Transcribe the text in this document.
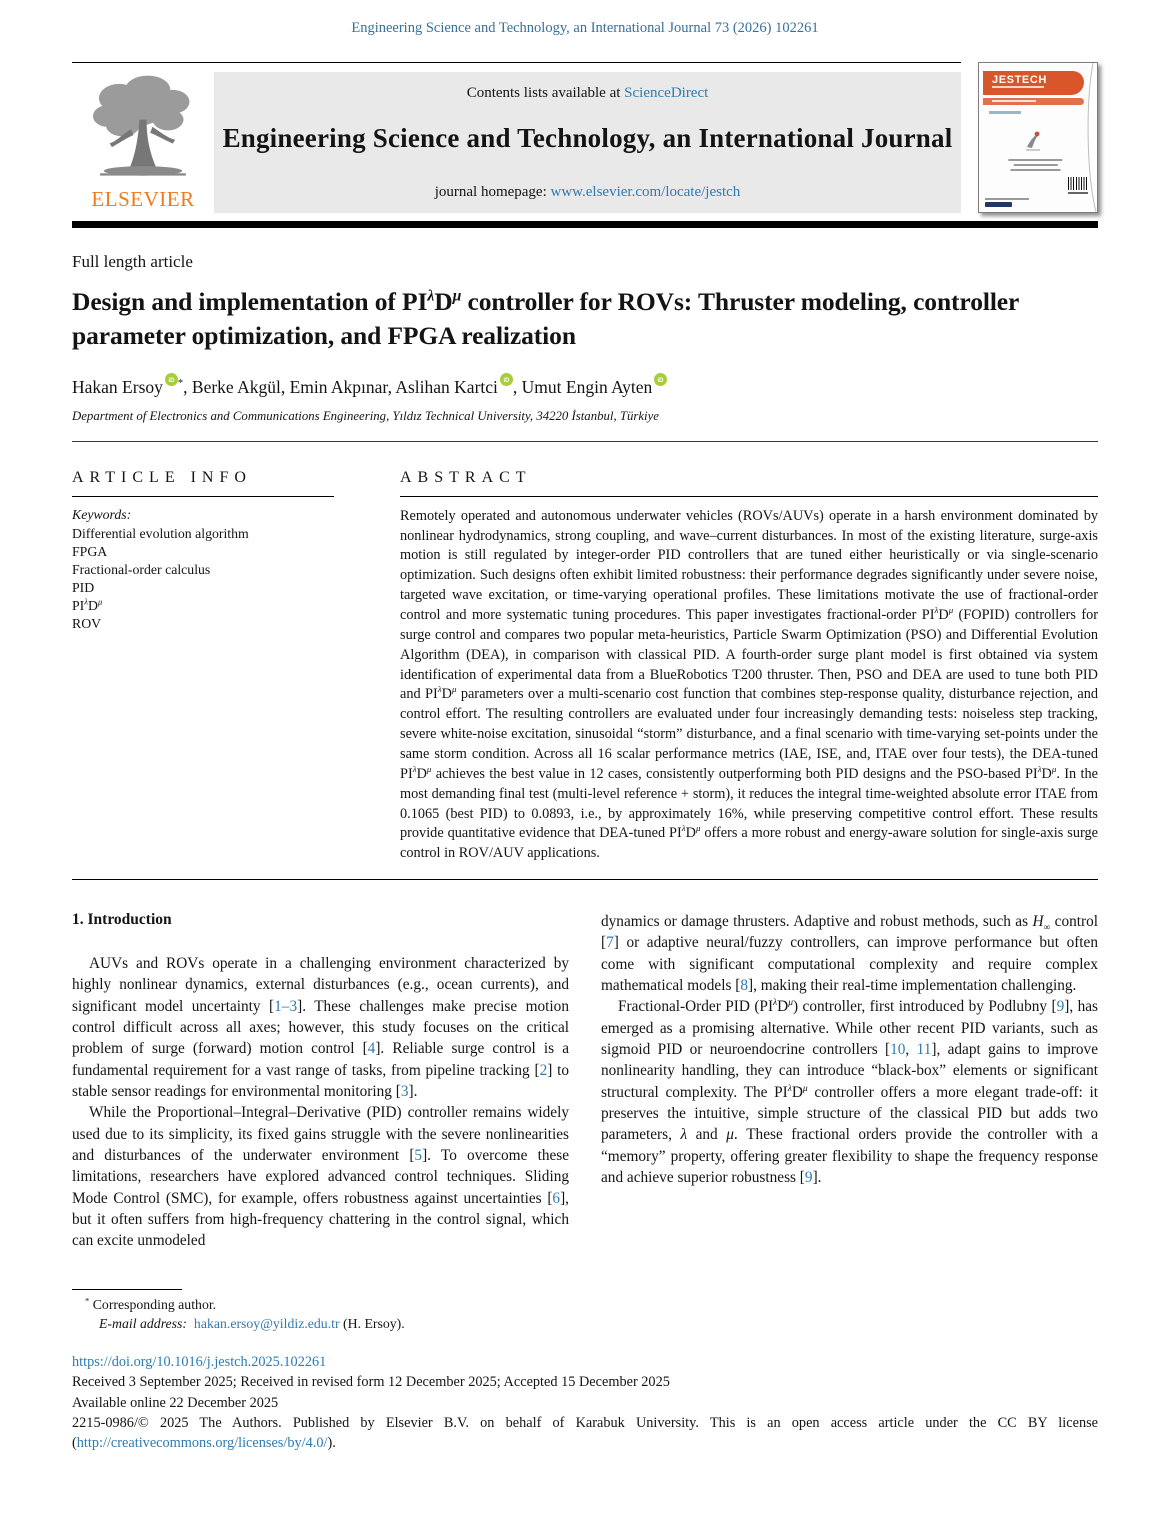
Engineering Science and Technology, an International Journal 73 (2026) 102261
ELSEVIER
Contents lists available at ScienceDirect
Engineering Science and Technology, an International Journal
journal homepage: www.elsevier.com/locate/jestch
JESTECH
Full length article
Design and implementation of $PI^\lambda D^\mu$ controller for ROVs: Thruster modeling, controller parameter optimization, and FPGA realization
Hakan Ersoy iD *, Berke Akgül, Emin Akpınar, Aslihan Kartci iD , Umut Engin Ayten iD
Department of Electronics and Communications Engineering, Yıldız Technical University, 34220 İstanbul, Türkiye
ARTICLE INFO
Keywords:
Differential evolution algorithm
FPGA
Fractional-order calculus
PID
$PI^\lambda D^\mu$
ROV
ABSTRACT
Remotely operated and autonomous underwater vehicles (ROVs/AUVs) operate in a harsh environment dominated by nonlinear hydrodynamics, strong coupling, and wave–current disturbances. In most of the existing literature, surge-axis motion is still regulated by integer-order PID controllers that are tuned either heuristically or via single-scenario optimization. Such designs often exhibit limited robustness: their performance degrades significantly under severe noise, targeted wave excitation, or time-varying operational profiles. These limitations motivate the use of fractional-order control and more systematic tuning procedures. This paper investigates fractional-order $PI^\lambda D^\mu$ (FOPID) controllers for surge control and compares two popular meta-heuristics, Particle Swarm Optimization (PSO) and Differential Evolution Algorithm (DEA), in comparison with classical PID. A fourth-order surge plant model is first obtained via system identification of experimental data from a BlueRobotics T200 thruster. Then, PSO and DEA are used to tune both PID and $PI^\lambda D^\mu$ parameters over a multi-scenario cost function that combines step-response quality, disturbance rejection, and control effort. The resulting controllers are evaluated under four increasingly demanding tests: noiseless step tracking, severe white-noise excitation, sinusoidal “storm” disturbance, and a final scenario with time-varying set-points under the same storm condition. Across all 16 scalar performance metrics (IAE, ISE, and, ITAE over four tests), the DEA-tuned $PI^\lambda D^\mu$ achieves the best value in 12 cases, consistently outperforming both PID designs and the PSO-based $PI^\lambda D^\mu$. In the most demanding final test (multi-level reference + storm), it reduces the integral time-weighted absolute error ITAE from 0.1065 (best PID) to 0.0893, i.e., by approximately 16%, while preserving competitive control effort. These results provide quantitative evidence that DEA-tuned $PI^\lambda D^\mu$ offers a more robust and energy-aware solution for single-axis surge control in ROV/AUV applications.
1. Introduction

AUVs and ROVs operate in a challenging environment characterized by highly nonlinear dynamics, external disturbances (e.g., ocean currents), and significant model uncertainty [1–3]. These challenges make precise motion control difficult across all axes; however, this study focuses on the critical problem of surge (forward) motion control [4]. Reliable surge control is a fundamental requirement for a vast range of tasks, from pipeline tracking [2] to stable sensor readings for environmental monitoring [3].

While the Proportional–Integral–Derivative (PID) controller remains widely used due to its simplicity, its fixed gains struggle with the severe nonlinearities and disturbances of the underwater environment [5]. To overcome these limitations, researchers have explored advanced control techniques. Sliding Mode Control (SMC), for example, offers robustness against uncertainties [6], but it often suffers from high-frequency chattering in the control signal, which can excite unmodeled

dynamics or damage thrusters. Adaptive and robust methods, such as $H_\infty$ control [7] or adaptive neural/fuzzy controllers, can improve performance but often come with significant computational complexity and require complex mathematical models [8], making their real-time implementation challenging.

Fractional-Order PID $(PI^\lambda D^\mu)$ controller, first introduced by Podlubny [9], has emerged as a promising alternative. While other recent PID variants, such as sigmoid PID or neuroendocrine controllers [10, 11], adapt gains to improve nonlinearity handling, they can introduce “black-box” elements or significant structural complexity. The $PI^\lambda D^\mu$ controller offers a more elegant trade-off: it preserves the intuitive, simple structure of the classical PID but adds two parameters, λ and μ. These fractional orders provide the controller with a “memory” property, offering greater flexibility to shape the frequency response and achieve superior robustness [9].

* Corresponding author.
E-mail address: hakan.ersoy@yildiz.edu.tr (H. Ersoy).
https://doi.org/10.1016/j.jestch.2025.102261
Received 3 September 2025; Received in revised form 12 December 2025; Accepted 15 December 2025
Available online 22 December 2025
2215-0986/© 2025 The Authors. Published by Elsevier B.V. on behalf of Karabuk University. This is an open access article under the CC BY license (http://creativecommons.org/licenses/by/4.0/).
